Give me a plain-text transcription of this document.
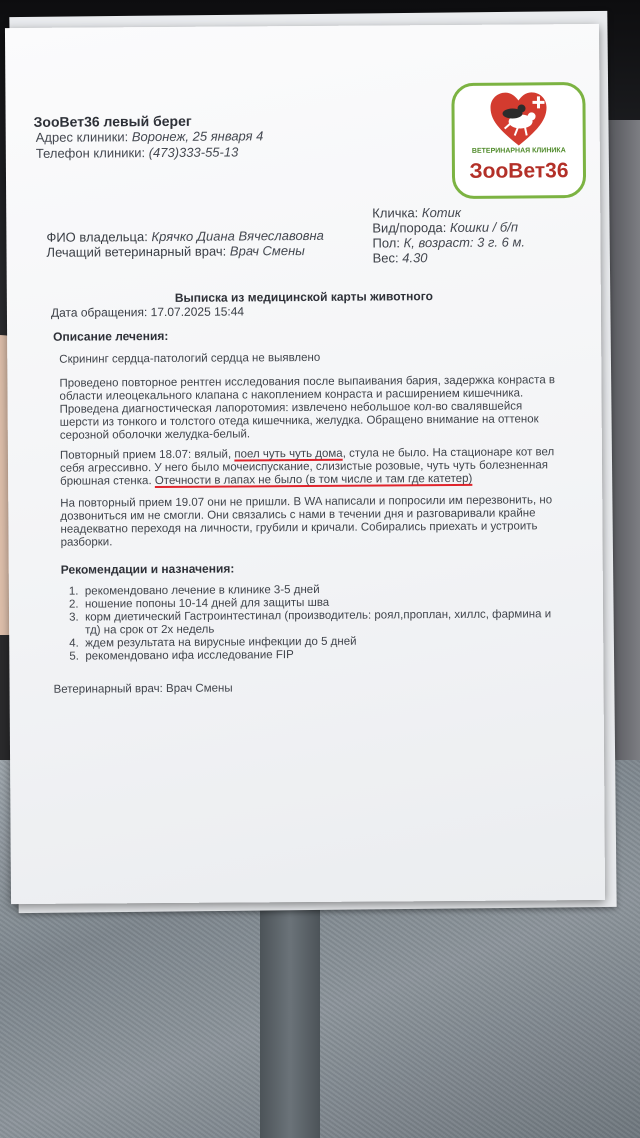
ЗооВет36 левый берег
Адрес клиники: Воронеж, 25 января 4
Телефон клиники: (473)333-55-13	ВЕТЕРИНАРНАЯ КЛИНИКА
ЗооВет36
Кличка: Котик
Вид/порода: Кошки / б/п
Пол: К, возраст: 3 г. 6 м.
Вес: 4.30
ФИО владельца: Крячко Диана Вячеславовна
Лечащий ветеринарный врач: Врач Смены
Выписка из медицинской карты животного
Дата обращения: 17.07.2025 15:44
Описание лечения:

Скрининг сердца-патологий сердца не выявлено

Проведено повторное рентген исследования после выпаивания бария, задержка конраста в области илеоцекального клапана с накоплением конраста и расширением кишечника. Проведена диагностическая лапоротомия: извлечено небольшое кол-во свалявшейся шерсти из тонкого и толстого отеда кишечника, желудка. Обращено внимание на оттенок серозной оболочки желудка-белый.

Повторный прием 18.07: вялый, поел чуть чуть дома, стула не было. На стационаре кот вел себя агрессивно. У него было мочеиспускание, слизистые розовые, чуть чуть болезненная брюшная стенка. Отечности в лапах не было (в том числе и там где катетер)

На повторный прием 19.07 они не пришли. В WA написали и попросили им перезвонить, но дозвониться им не смогли. Они связались с нами в течении дня и разговаривали крайне неадекватно переходя на личности, грубили и кричали. Собирались приехать и устроить разборки.

Рекомендации и назначения:
1. рекомендовано лечение в клинике 3-5 дней
2. ношение попоны 10-14 дней для защиты шва
3. корм диетический Гастроинтестинал (производитель: роял,проплан, хиллс, фармина и тд) на срок от 2х недель
4. ждем результата на вирусные инфекции до 5 дней
5. рекомендовано ифа исследование FIP
Ветеринарный врач: Врач Смены
